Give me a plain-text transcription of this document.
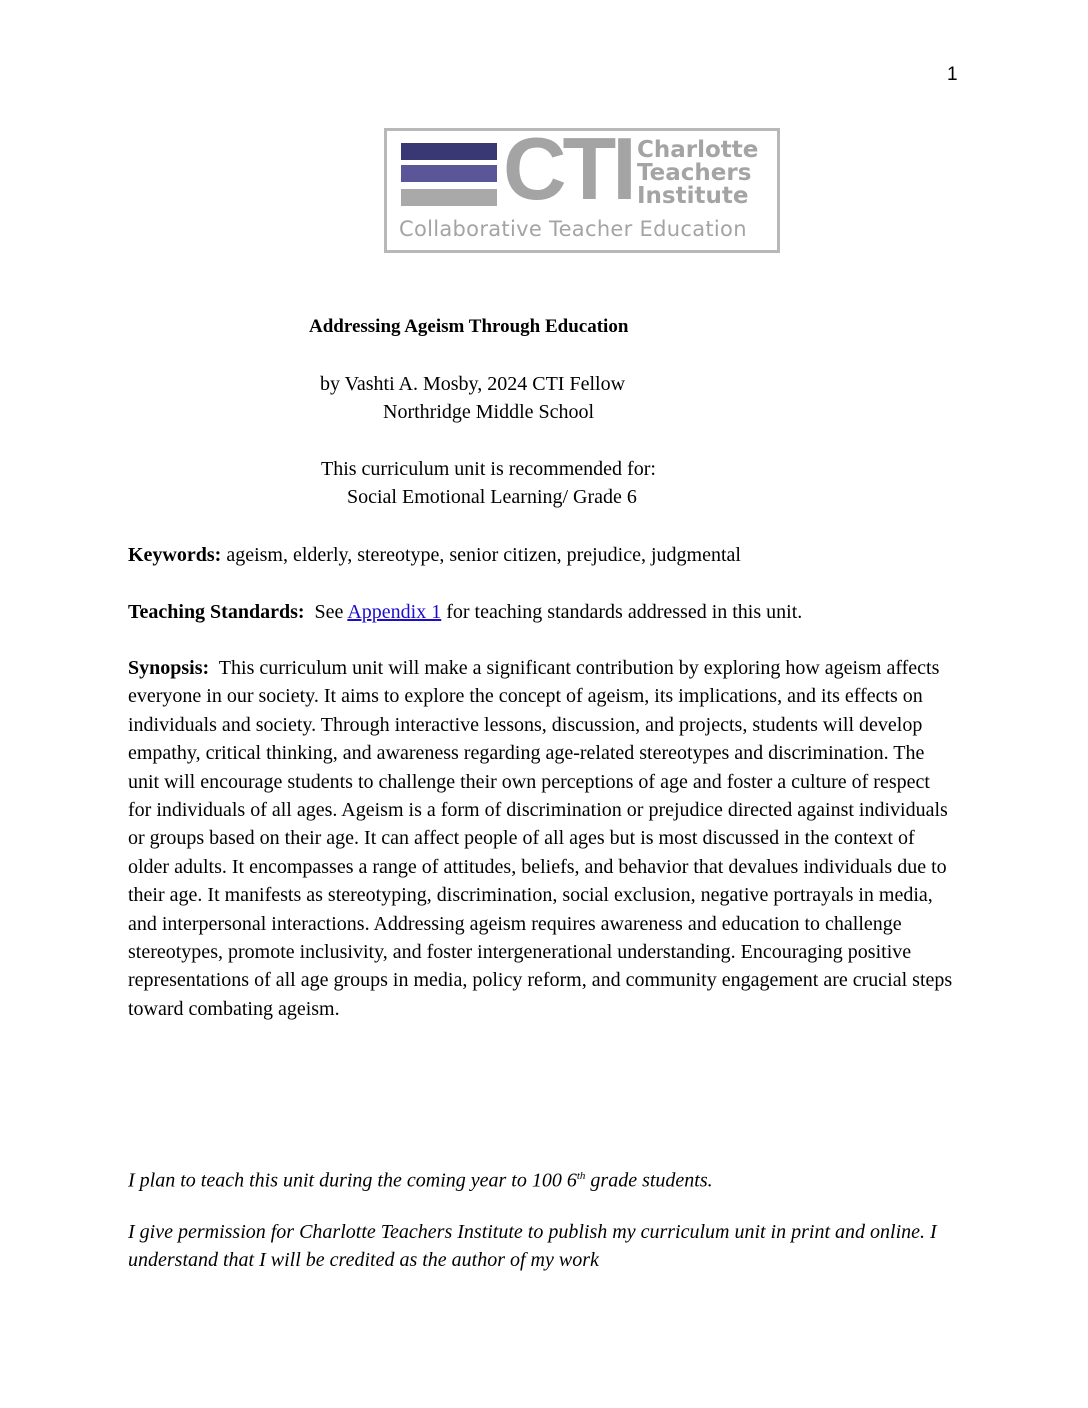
1
CTI Charlotte
Teachers
Institute
Collaborative Teacher Education
Addressing Ageism Through Education
by Vashti A. Mosby, 2024 CTI Fellow
Northridge Middle School
This curriculum unit is recommended for:
Social Emotional Learning/ Grade 6
Keywords: ageism, elderly, stereotype, senior citizen, prejudice, judgmental
Teaching Standards: See Appendix 1 for teaching standards addressed in this unit.
Synopsis: This curriculum unit will make a significant contribution by exploring how ageism affects everyone in our society. It aims to explore the concept of ageism, its implications, and its effects on individuals and society. Through interactive lessons, discussion, and projects, students will develop empathy, critical thinking, and awareness regarding age-related stereotypes and discrimination. The unit will encourage students to challenge their own perceptions of age and foster a culture of respect for individuals of all ages. Ageism is a form of discrimination or prejudice directed against individuals or groups based on their age. It can affect people of all ages but is most discussed in the context of older adults. It encompasses a range of attitudes, beliefs, and behavior that devalues individuals due to their age. It manifests as stereotyping, discrimination, social exclusion, negative portrayals in media, and interpersonal interactions. Addressing ageism requires awareness and education to challenge stereotypes, promote inclusivity, and foster intergenerational understanding. Encouraging positive representations of all age groups in media, policy reform, and community engagement are crucial steps toward combating ageism.
I plan to teach this unit during the coming year to 100 6th grade students.
I give permission for Charlotte Teachers Institute to publish my curriculum unit in print and online. I understand that I will be credited as the author of my work
